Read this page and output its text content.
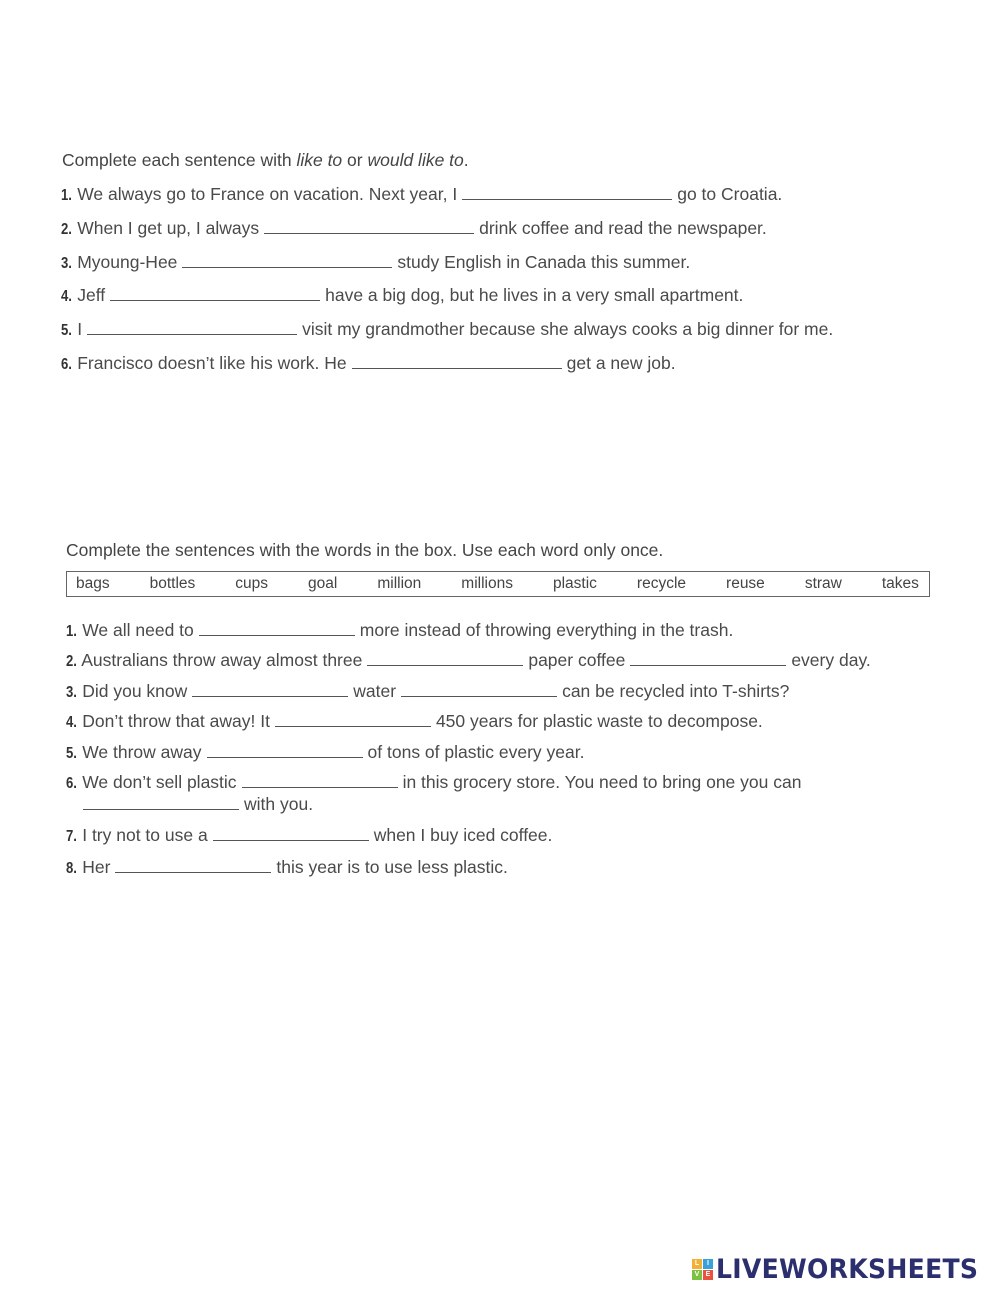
Complete each sentence with like to or would like to.

1. We always go to France on vacation. Next year, I	go to Croatia.
2. When I get up, I always	drink coffee and read the newspaper.
3. Myoung-Hee	study English in Canada this summer.
4. Jeff	have a big dog, but he lives in a very small apartment.
5. I	visit my grandmother because she always cooks a big dinner for me.
6. Francisco doesn’t like his work. He	get a new job.

Complete the sentences with the words in the box. Use each word only once.

bags	bottles	cups	goal	million	millions	plastic	recycle	reuse	straw	takes
1. We all need to	more instead of throwing everything in the trash.
2. Australians throw away almost three	paper coffee	every day.
3. Did you know	water	can be recycled into T-shirts?
4. Don’t throw that away! It	450 years for plastic waste to decompose.
5. We throw away	of tons of plastic every year.
6. We don’t sell plastic	in this grocery store. You need to bring one you can
with you.
7. I try not to use a	when I buy iced coffee.
8. Her	this year is to use less plastic.
L	I
V E LIVEWORKSHEETS
